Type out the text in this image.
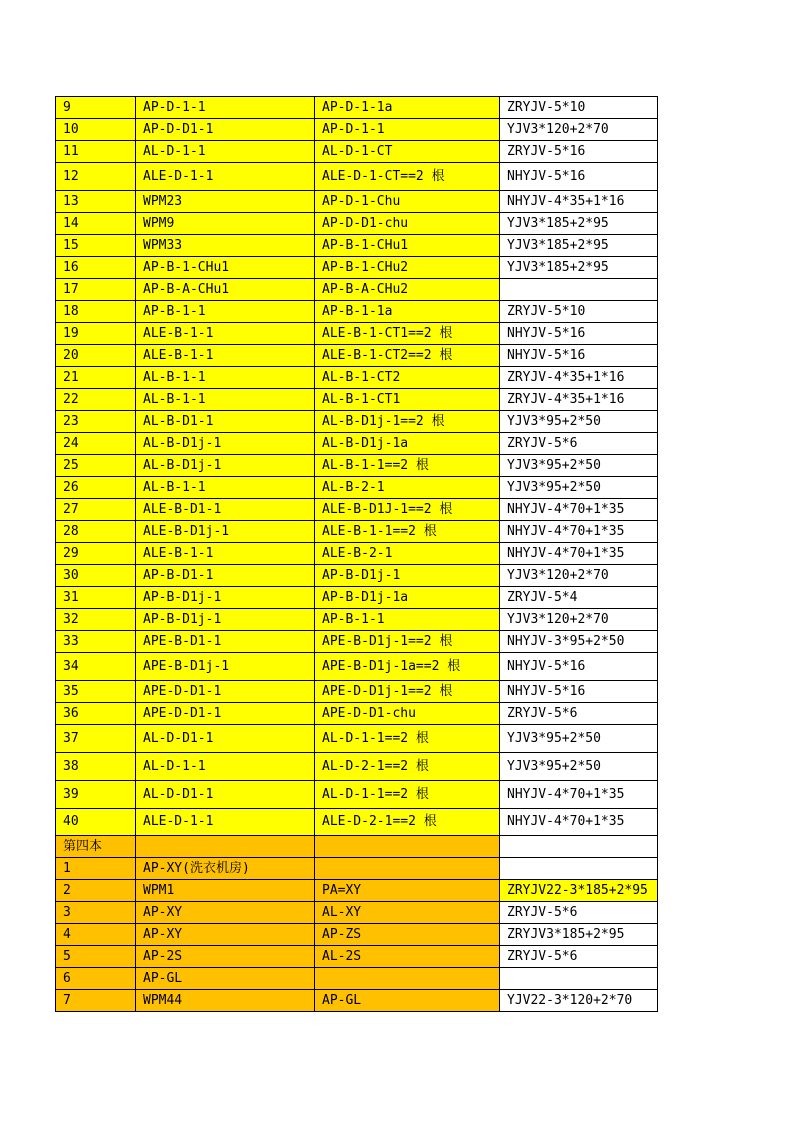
9	AP-D-1-1	AP-D-1-1a	ZRYJV-5*10
10	AP-D-D1-1	AP-D-1-1	YJV3*120+2*70
11	AL-D-1-1	AL-D-1-CT	ZRYJV-5*16
12	ALE-D-1-1	ALE-D-1-CT==2 根	NHYJV-5*16
13	WPM23	AP-D-1-Chu	NHYJV-4*35+1*16
14	WPM9	AP-D-D1-chu	YJV3*185+2*95
15	WPM33	AP-B-1-CHu1	YJV3*185+2*95
16	AP-B-1-CHu1	AP-B-1-CHu2	YJV3*185+2*95
17	AP-B-A-CHu1	AP-B-A-CHu2	
18	AP-B-1-1	AP-B-1-1a	ZRYJV-5*10
19	ALE-B-1-1	ALE-B-1-CT1==2 根	NHYJV-5*16
20	ALE-B-1-1	ALE-B-1-CT2==2 根	NHYJV-5*16
21	AL-B-1-1	AL-B-1-CT2	ZRYJV-4*35+1*16
22	AL-B-1-1	AL-B-1-CT1	ZRYJV-4*35+1*16
23	AL-B-D1-1	AL-B-D1j-1==2 根	YJV3*95+2*50
24	AL-B-D1j-1	AL-B-D1j-1a	ZRYJV-5*6
25	AL-B-D1j-1	AL-B-1-1==2 根	YJV3*95+2*50
26	AL-B-1-1	AL-B-2-1	YJV3*95+2*50
27	ALE-B-D1-1	ALE-B-D1J-1==2 根	NHYJV-4*70+1*35
28	ALE-B-D1j-1	ALE-B-1-1==2 根	NHYJV-4*70+1*35
29	ALE-B-1-1	ALE-B-2-1	NHYJV-4*70+1*35
30	AP-B-D1-1	AP-B-D1j-1	YJV3*120+2*70
31	AP-B-D1j-1	AP-B-D1j-1a	ZRYJV-5*4
32	AP-B-D1j-1	AP-B-1-1	YJV3*120+2*70
33	APE-B-D1-1	APE-B-D1j-1==2 根	NHYJV-3*95+2*50
34	APE-B-D1j-1	APE-B-D1j-1a==2 根	NHYJV-5*16
35	APE-D-D1-1	APE-D-D1j-1==2 根	NHYJV-5*16
36	APE-D-D1-1	APE-D-D1-chu	ZRYJV-5*6
37	AL-D-D1-1	AL-D-1-1==2 根	YJV3*95+2*50
38	AL-D-1-1	AL-D-2-1==2 根	YJV3*95+2*50
39	AL-D-D1-1	AL-D-1-1==2 根	NHYJV-4*70+1*35
40	ALE-D-1-1	ALE-D-2-1==2 根	NHYJV-4*70+1*35
第四本			
1	AP-XY(洗衣机房)		
2	WPM1	PA=XY	ZRYJV22-3*185+2*95
3	AP-XY	AL-XY	ZRYJV-5*6
4	AP-XY	AP-ZS	ZRYJV3*185+2*95
5	AP-2S	AL-2S	ZRYJV-5*6
6	AP-GL		
7	WPM44	AP-GL	YJV22-3*120+2*70
